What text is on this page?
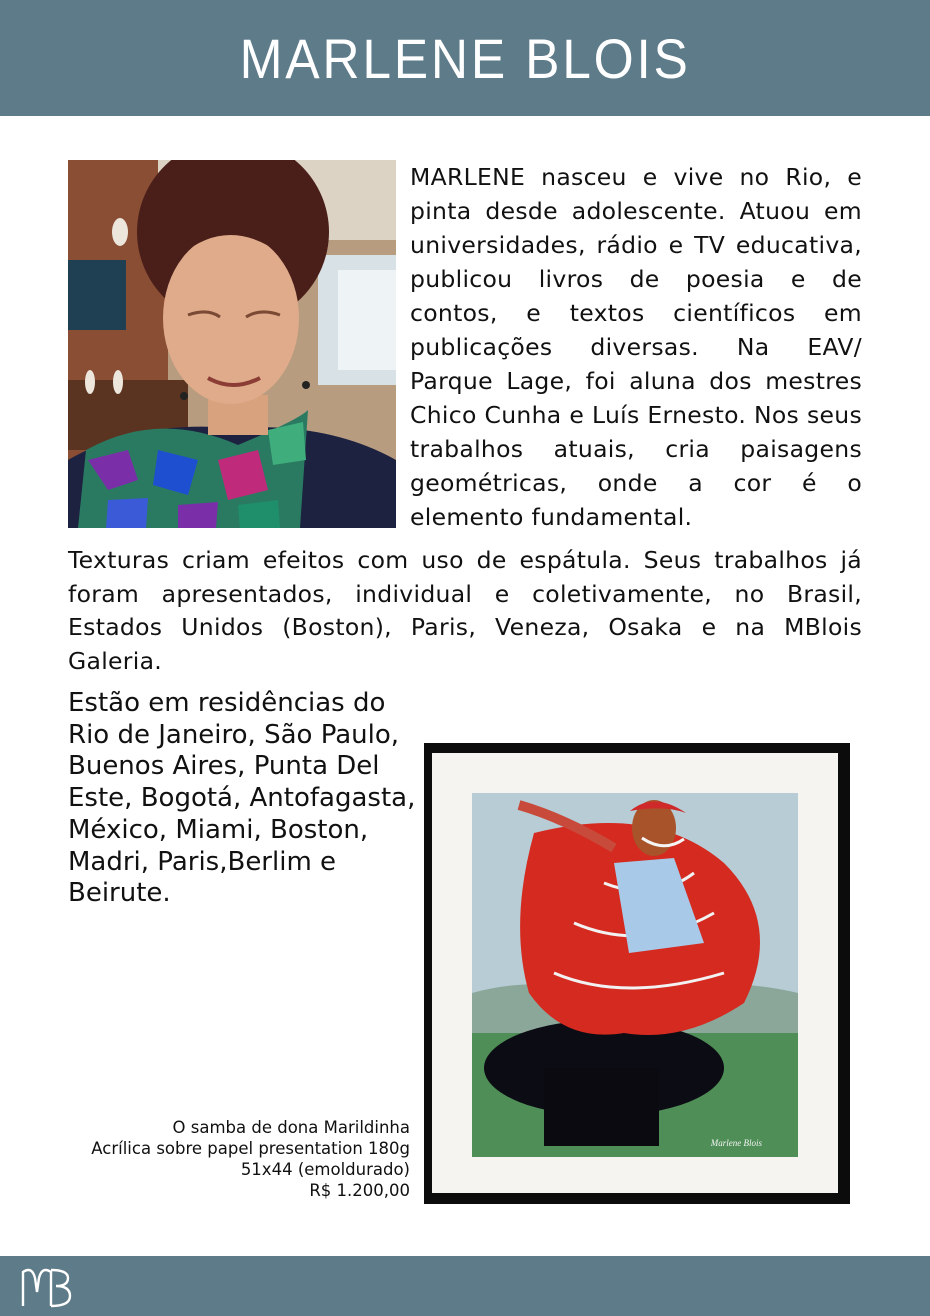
MARLENE BLOIS
MARLENE nasceu e vive no Rio, e pinta desde adolescente. Atuou em universidades, rádio e TV educativa, publicou livros de poesia e de contos, e textos científicos em publicações diversas. Na EAV/ Parque Lage, foi aluna dos mestres Chico Cunha e Luís Ernesto. Nos seus trabalhos atuais, cria paisagens geométricas, onde a cor é o elemento fundamental.
Texturas criam efeitos com uso de espátula. Seus trabalhos já foram apresentados, individual e coletivamente, no Brasil, Estados Unidos (Boston), Paris, Veneza, Osaka e na MBlois Galeria.
Estão em residências do Rio de Janeiro, São Paulo, Buenos Aires, Punta Del Este, Bogotá, Antofagasta, México, Miami, Boston, Madri, Paris,Berlim e Beirute.
Marlene Blois
O samba de dona Marildinha
Acrílica sobre papel presentation 180g
51x44 (emoldurado)
R$ 1.200,00
